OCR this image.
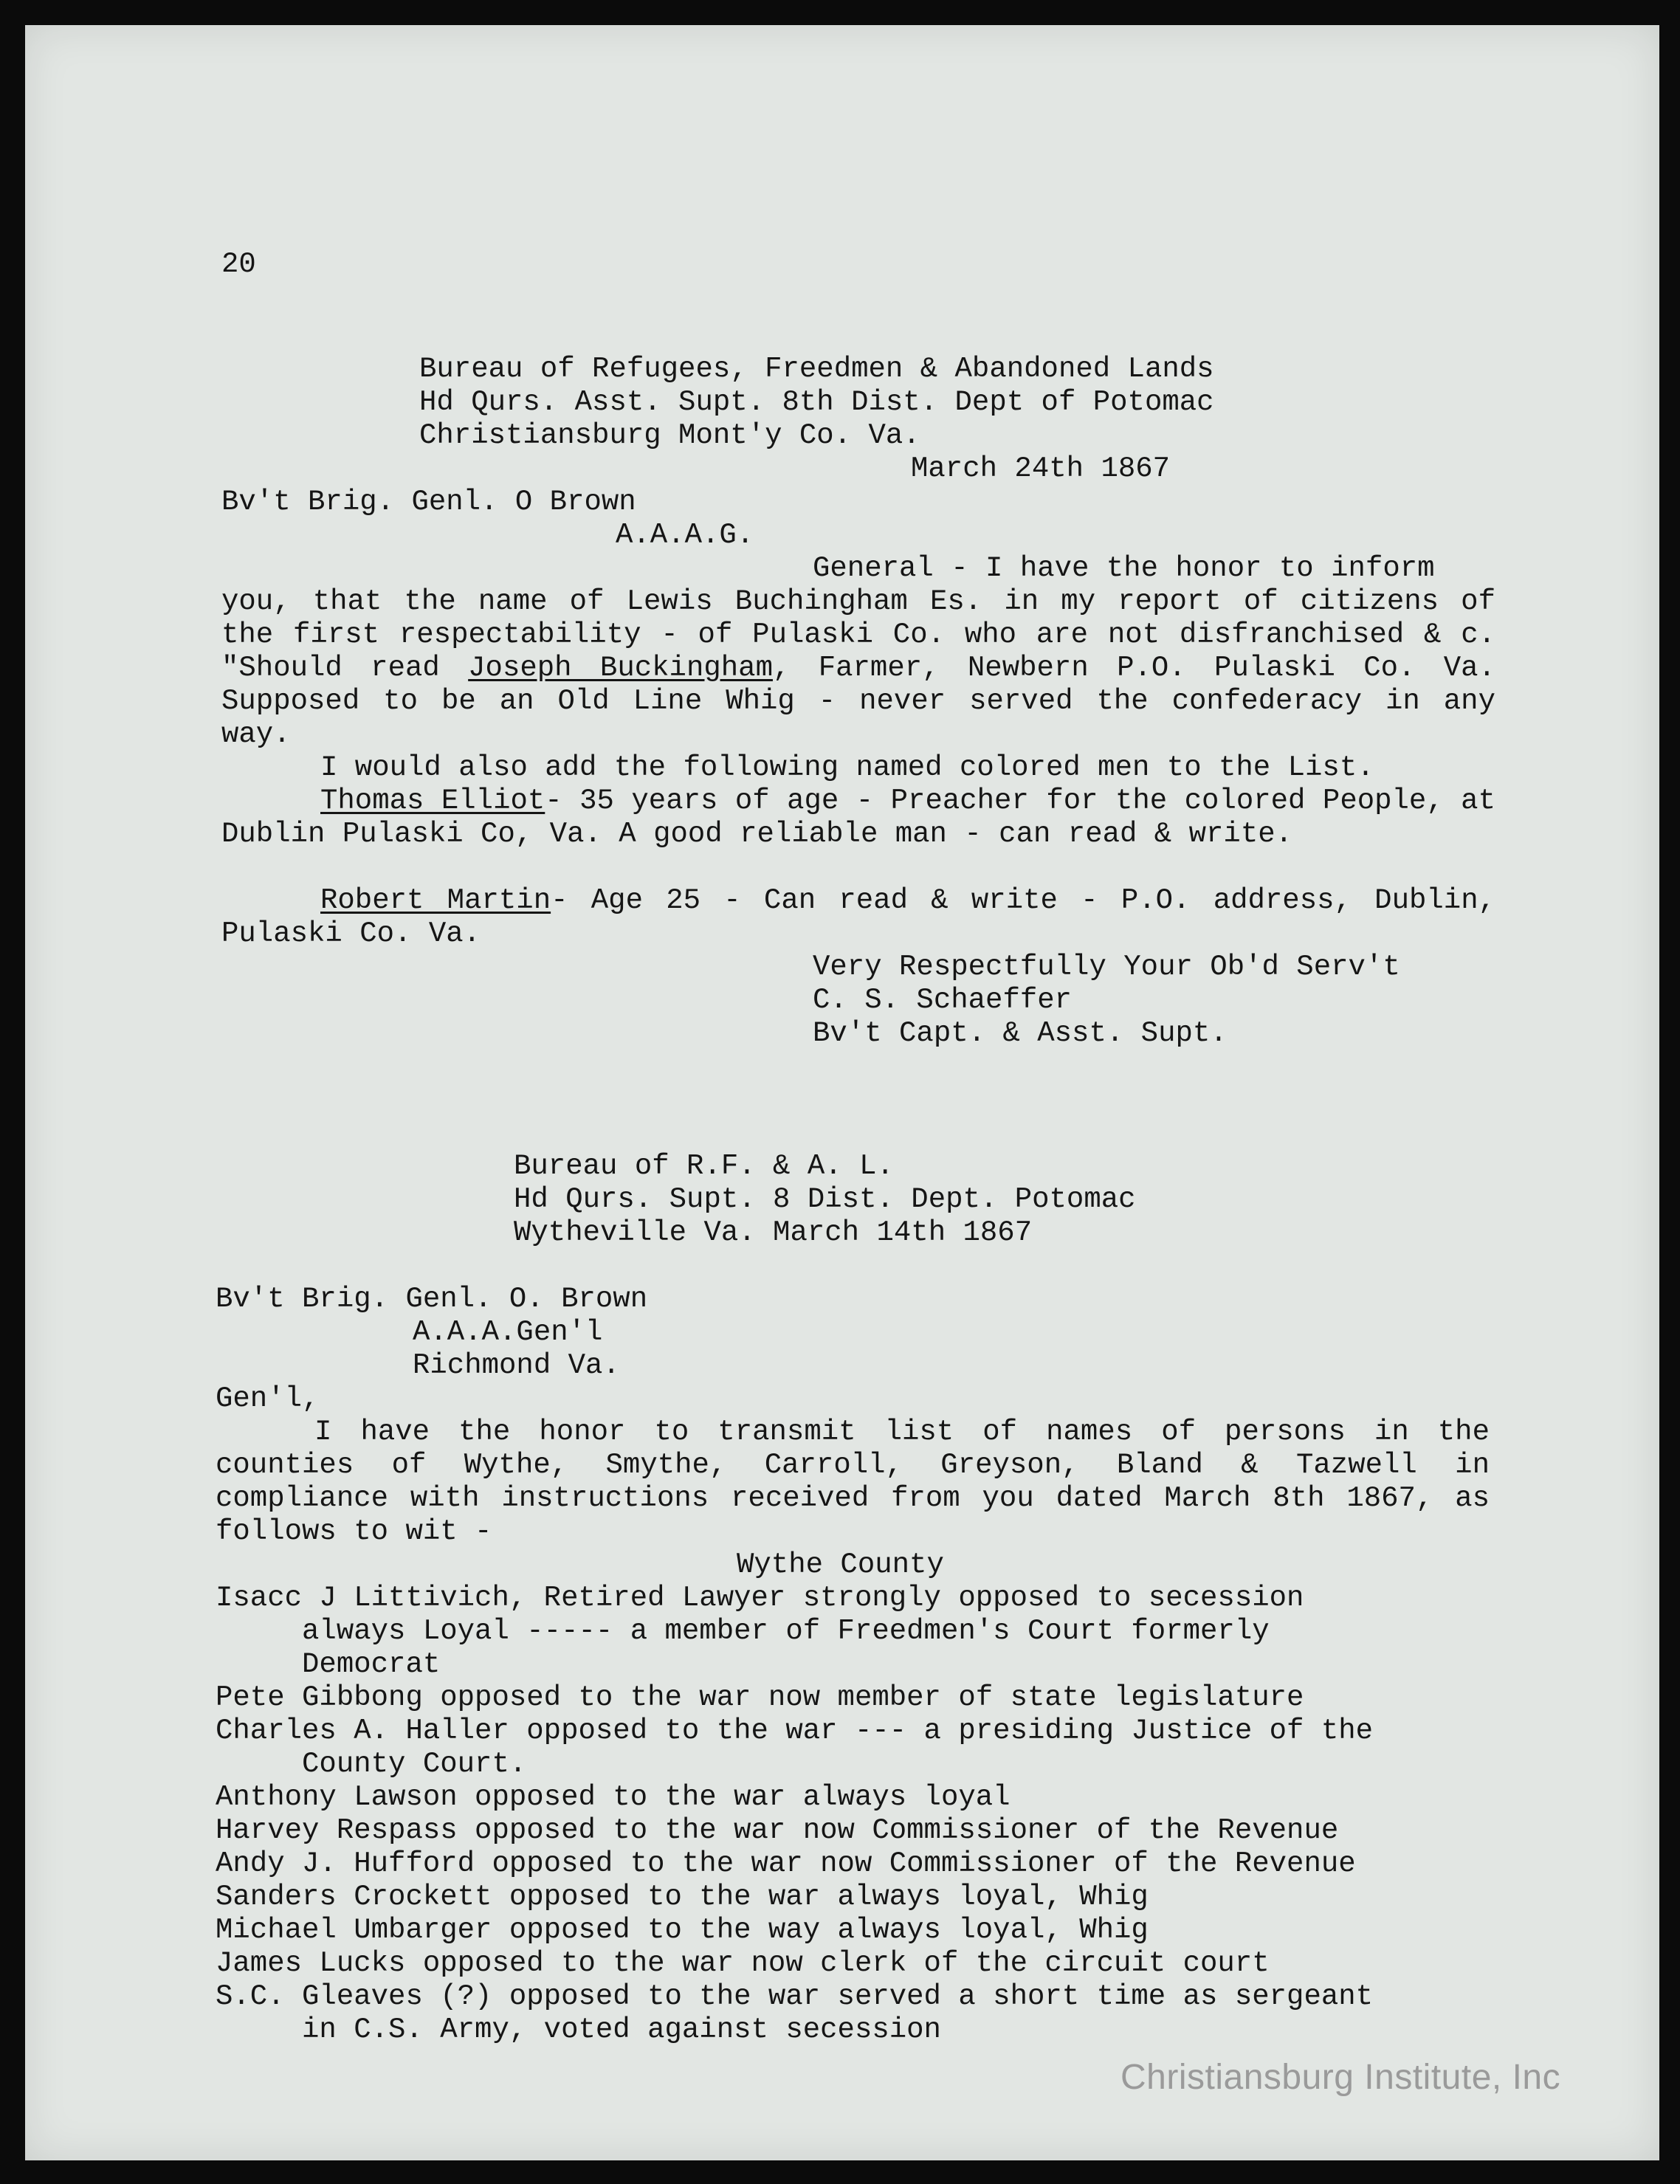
20

Bureau of Refugees, Freedmen & Abandoned Lands

Hd Qurs. Asst. Supt. 8th Dist. Dept of Potomac

Christiansburg Mont'y Co. Va.

March 24th 1867

Bv't Brig. Genl. O Brown

A.A.A.G.

General - I have the honor to inform

you, that the name of Lewis Buchingham Es. in my report of citizens of the first respectability - of Pulaski Co. who are not disfranchised & c. "Should read Joseph Buckingham, Farmer, Newbern P.O. Pulaski Co. Va. Supposed to be an Old Line Whig - never served the confederacy in any way.

I would also add the following named colored men to the List.

Thomas Elliot- 35 years of age - Preacher for the colored People, at Dublin Pulaski Co, Va. A good reliable man - can read & write.

Robert Martin- Age 25 - Can read & write - P.O. address, Dublin, Pulaski Co. Va.

Very Respectfully Your Ob'd Serv't

C. S. Schaeffer

Bv't Capt. & Asst. Supt.

Bureau of R.F. & A. L.

Hd Qurs. Supt. 8 Dist. Dept. Potomac

Wytheville Va. March 14th 1867

Bv't Brig. Genl. O. Brown

A.A.A.Gen'l

Richmond Va.

Gen'l,

I have the honor to transmit list of names of persons in the

counties of Wythe, Smythe, Carroll, Greyson, Bland & Tazwell in compliance with instructions received from you dated March 8th 1867, as follows to wit -

Wythe County

Isacc J Littivich, Retired Lawyer strongly opposed to secession

always Loyal ----- a member of Freedmen's Court formerly

Democrat

Pete Gibbong opposed to the war now member of state legislature

Charles A. Haller opposed to the war --- a presiding Justice of the

County Court.

Anthony Lawson opposed to the war always loyal

Harvey Respass opposed to the war now Commissioner of the Revenue

Andy J. Hufford opposed to the war now Commissioner of the Revenue

Sanders Crockett opposed to the war always loyal, Whig

Michael Umbarger opposed to the way always loyal, Whig

James Lucks opposed to the war now clerk of the circuit court

S.C. Gleaves (?) opposed to the war served a short time as sergeant

in C.S. Army, voted against secession

Christiansburg Institute, Inc
